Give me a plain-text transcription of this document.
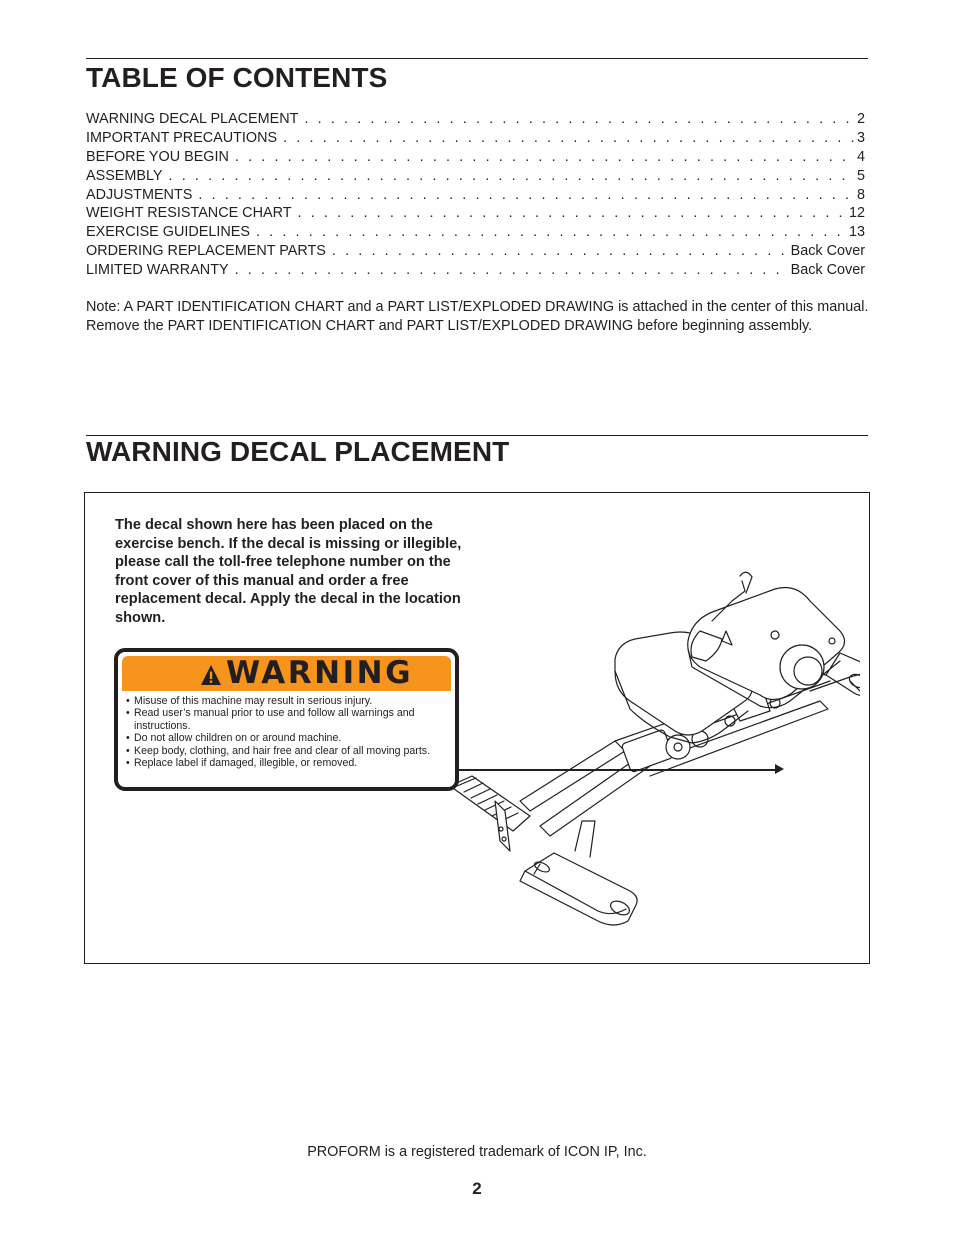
TABLE OF CONTENTS
WARNING DECAL PLACEMENT . . .	2
IMPORTANT PRECAUTIONS . . .	3
BEFORE YOU BEGIN . . .	4
ASSEMBLY . . .	5
ADJUSTMENTS . . .	8
WEIGHT RESISTANCE CHART . . .	12
EXERCISE GUIDELINES . . .	13
ORDERING REPLACEMENT PARTS . . .	Back Cover
LIMITED WARRANTY . . .	Back Cover

Note: A PART IDENTIFICATION CHART and a PART LIST/EXPLODED DRAWING is attached in the center of this manual. Remove the PART IDENTIFICATION CHART and PART LIST/EXPLODED DRAWING before beginning assembly.

WARNING DECAL PLACEMENT

The decal shown here has been placed on the exercise bench. If the decal is missing or illegible, please call the toll-free telephone number on the front cover of this manual and order a free replacement decal. Apply the decal in the location shown.

WARNING
• Misuse of this machine may result in serious injury.
• Read user’s manual prior to use and follow all warnings and instructions.
• Do not allow children on or around machine.
• Keep body, clothing, and hair free and clear of all moving parts.
• Replace label if damaged, illegible, or removed.

PROFORM is a registered trademark of ICON IP, Inc.

2
